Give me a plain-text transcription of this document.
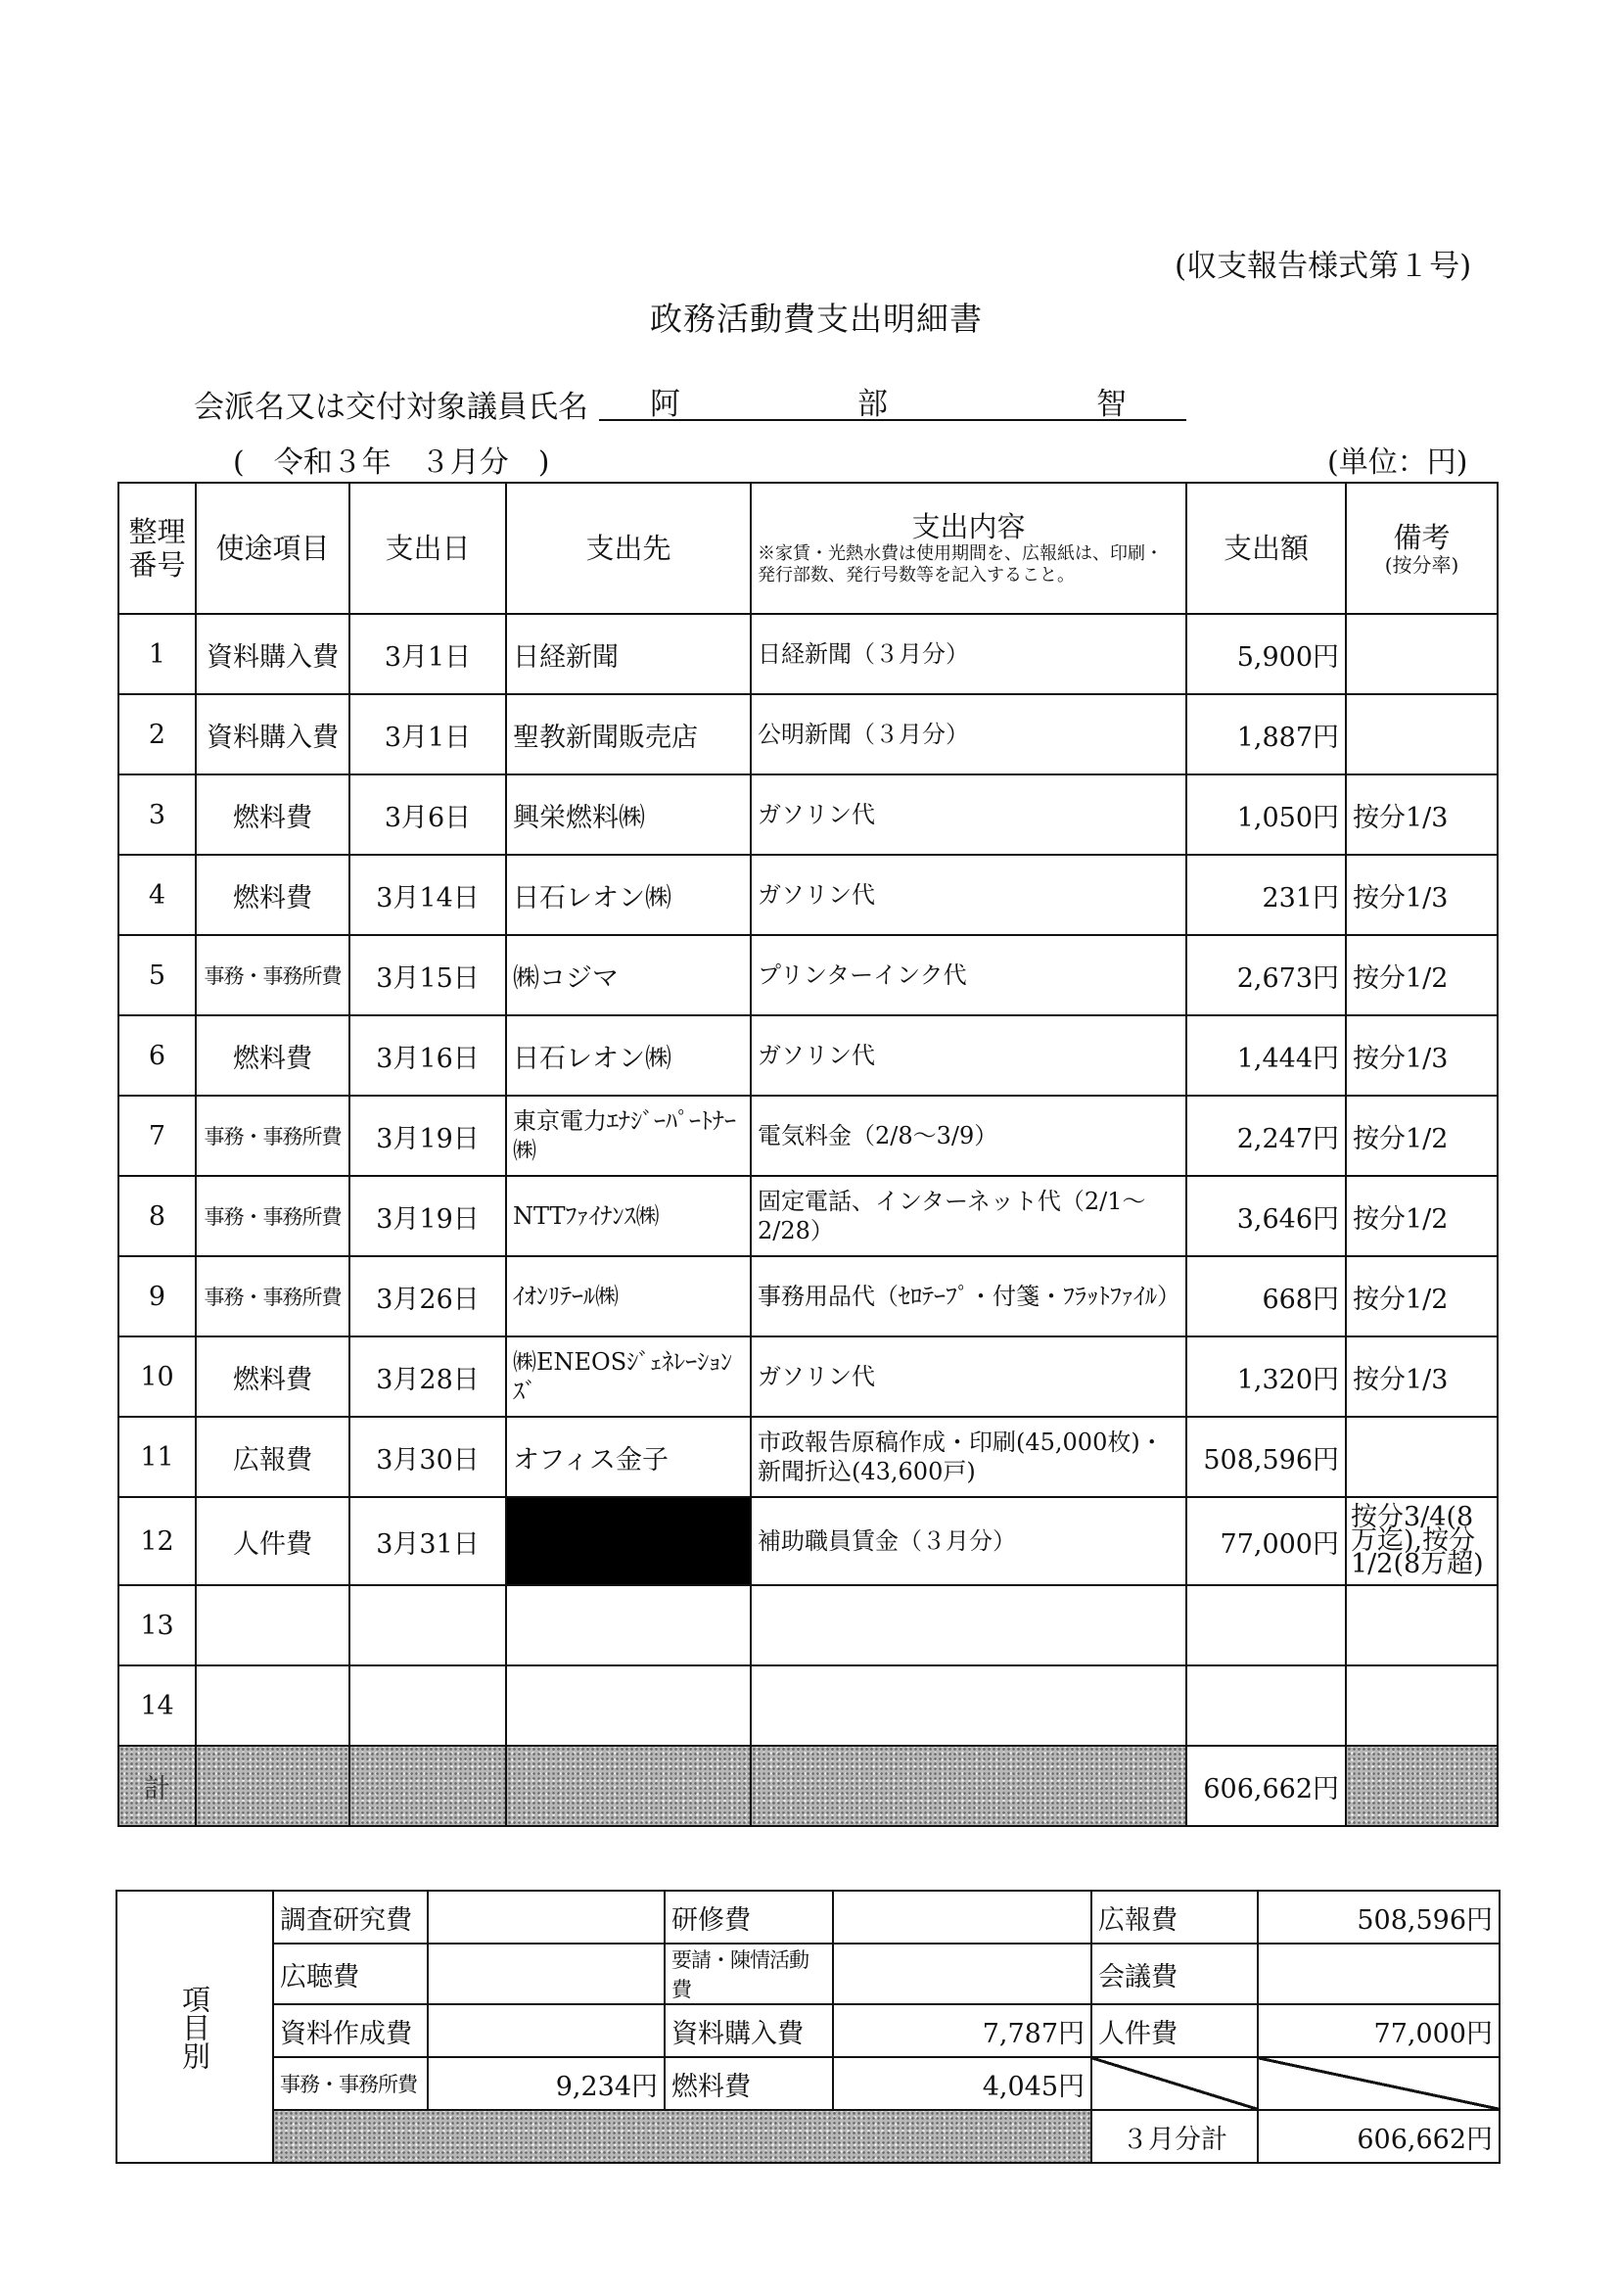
(収支報告様式第１号)
政務活動費支出明細書
会派名又は交付対象議員氏名 阿	部	智
(　令和３年　３月分　)	(単位：円)
整理番号	使途項目	支出日	支出先	支出内容
※家賃・光熱水費は使用期間を、広報紙は、印刷・発行部数、発行号数等を記入すること。	支出額	備考
(按分率)

1	資料購入費	3月1日	日経新聞	日経新聞（３月分）	5,900円	
2	資料購入費	3月1日	聖教新聞販売店	公明新聞（３月分）	1,887円	
3	燃料費	3月6日	興栄燃料㈱	ガソリン代	1,050円	按分1/3
4	燃料費	3月14日	日石レオン㈱	ガソリン代	231円	按分1/3
5	事務・事務所費	3月15日	㈱コジマ	プリンターインク代	2,673円	按分1/2
6	燃料費	3月16日	日石レオン㈱	ガソリン代	1,444円	按分1/3
7	事務・事務所費	3月19日	東京電力ｴﾅｼﾞｰﾊﾟｰﾄﾅｰ㈱	電気料金（2/8～3/9）	2,247円	按分1/2
8	事務・事務所費	3月19日	NTTﾌｧｲﾅﾝｽ㈱	固定電話、インターネット代（2/1～2/28）	3,646円	按分1/2
9	事務・事務所費	3月26日	ｲｵﾝﾘﾃｰﾙ㈱	事務用品代（ｾﾛﾃｰﾌﾟ・付箋・ﾌﾗｯﾄﾌｧｲﾙ）	668円	按分1/2
10	燃料費	3月28日	㈱ENEOSｼﾞｪﾈﾚｰｼｮﾝｽﾞ	ガソリン代	1,320円	按分1/3
11	広報費	3月30日	オフィス金子	市政報告原稿作成・印刷(45,000枚)・新聞折込(43,600戸)	508,596円	
12	人件費	3月31日		補助職員賃金（３月分）	77,000円	按分3/4(8万迄),按分1/2(8万超)
13						
14						
計					606,662円	
項目別	調査研究費		研修費		広報費	508,596円
	広聴費		要請・陳情活動費		会議費	
	資料作成費		資料購入費	7,787円	人件費	77,000円
	事務・事務所費	9,234円	燃料費	4,045円		
					３月分計	606,662円
